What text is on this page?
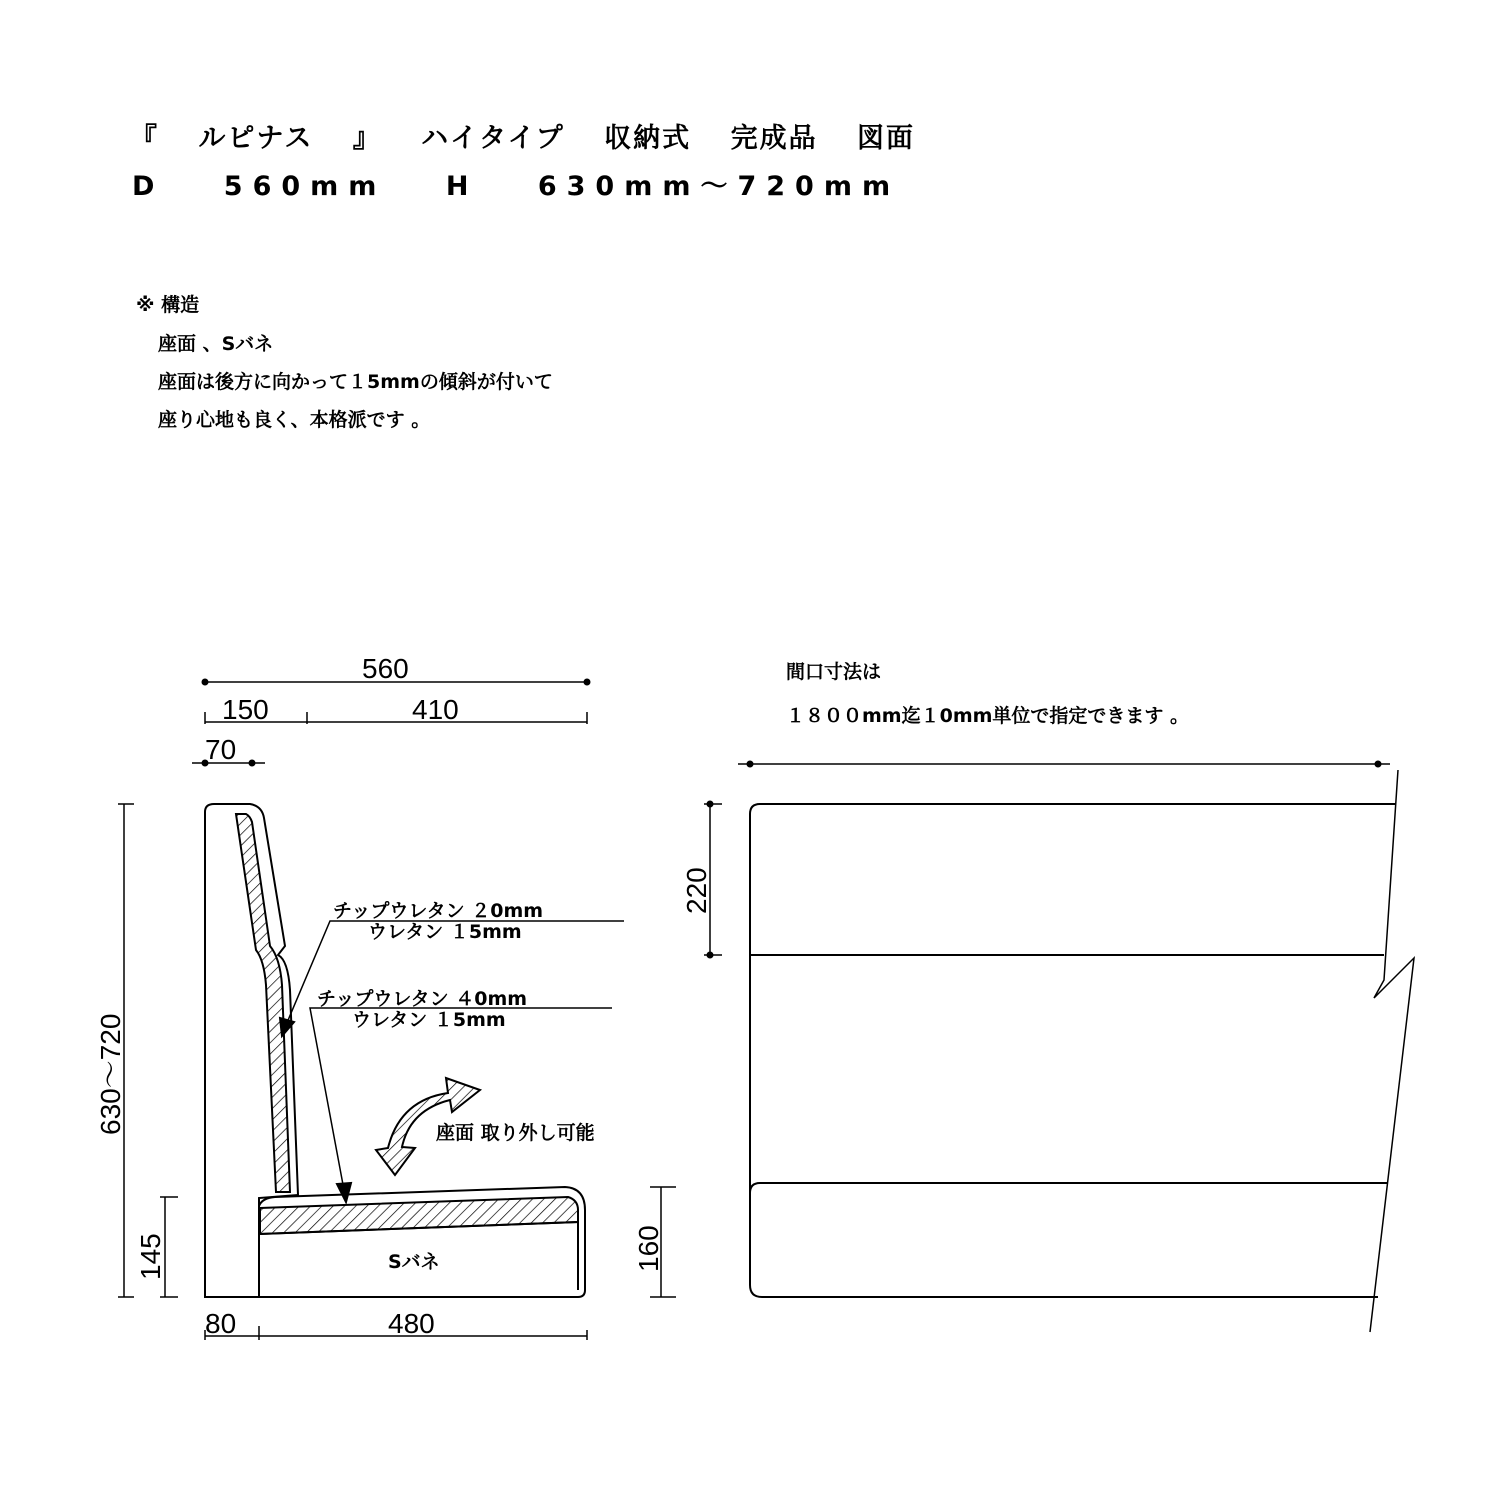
『 ルピナス 』 ハイタイプ 収納式 完成品 図面
D 560mm H 630mm～720mm
※ 構造
座面 、Sバネ
座面は後方に向かって１5mmの傾斜が付いて
座り心地も良く、本格派です 。
間口寸法は
１８００mm迄１0mm単位で指定できます 。
560
150	410
70
630～720
145
80	480
チップウレタン ２0mm
ウレタン １5mm
チップウレタン ４0mm
ウレタン １5mm
座面 取り外し可能
Sバネ
220
160
